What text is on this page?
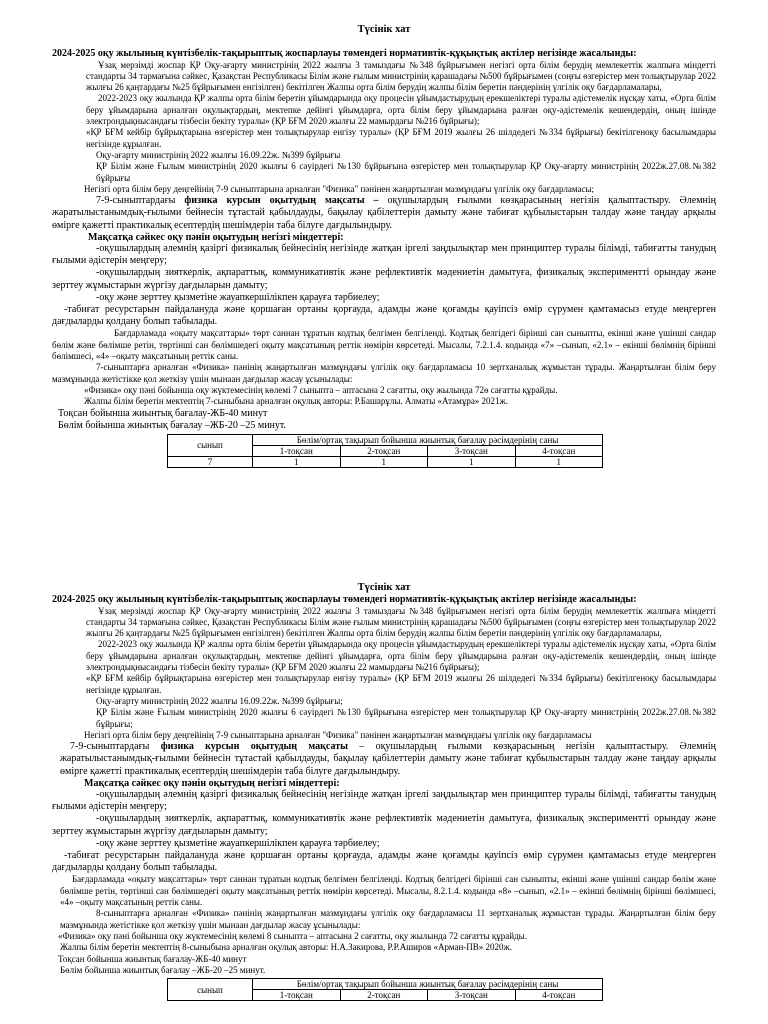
Түсінік хат
2024-2025 оқу жылының күнтізбелік-тақырыптық жоспарлауы төмендегі нормативтік-құқықтық актілер негізінде жасалынды:
Ұзақ мерзімді жоспар ҚР Оқу-ағарту министрінің 2022 жылғы 3 тамыздағы №348 бұйрығымен негізгі орта білім берудің мемлекеттік жалпыға міндетті стандарты 34 тармағына сәйкес, Қазақстан Республикасы Білім және ғылым министрінің қарашадағы №500 бұйрығымен (соңғы өзгерістер мен толықтырулар 2022 жылғы 26 қаңтардағы №25 бұйрығымен енгізілген) бекітілген Жалпы орта білім берудің жалпы білім беретін пәндерінің үлгілік оқу бағдарламалары,
2022-2023 оқу жылында ҚР жалпы орта білім беретін ұйымдарында оқу процесін ұйымдастырудың ерекшеліктері туралы әдістемелік нұсқау хаты, «Орта білім беру ұйымдарына арналған оқулықтардың, мектепке дейінгі ұйымдарға, орта білім беру ұйымдарына ралған оқу-әдістемелік кешендердің, оның ішінде электрондықнысандағы тізбесін бекіту туралы» (ҚР БҒМ 2020 жылғы 22 мамырдағы №216 бұйрығы);
«ҚР БҒМ кейбір бұйрықтарына өзгерістер мен толықтырулар енгізу туралы» (ҚР БҒМ 2019 жылғы 26 шілдедегі №334 бұйрығы) бекітілгеноқу басылымдары негізінде құрылған.
Оқу-ағарту министрінің 2022 жылғы 16.09.22ж. №399 бұйрығы
ҚР Білім және Ғылым министрінің 2020 жылғы 6 сәуірдегі №130 бұйрығына өзгерістер мен толықтырулар ҚР Оқу-ағарту министрінің 2022ж.27.08.№382 бұйрығы
Негізгі орта білім беру деңгейінің 7-9 сыныптарына арналған "Физика" пәнінен жаңартылған мазмұндағы үлгілік оқу бағдарламасы;
7-9-сыныптардағы физика курсын оқытудың мақсаты – оқушылардың ғылыми көзқарасының негізін қалыптастыру. Әлемнің жаратылыстанымдық-ғылыми бейнесін тұтастай қабылдауды, бақылау қабілеттерін дамыту және табиғат құбылыстарын талдау және таңдау арқылы өмірге қажетті практикалық есептердің шешімдерін таба білуге дағдылындыру.
Мақсатқа сәйкес оқу пәнін оқытудың негізгі міндеттері:
-оқушылардың әлемнің қазіргі физикалық бейнесінің негізінде жатқан іргелі заңдылықтар мен принциптер туралы білімді, табиғатты танудың ғылыми әдістерін меңгеру;
-оқушылардың зияткерлік, ақпараттық, коммуникативтік және рефлективтік мәдениетін дамытуға, физикалық эксперименттi орындау және зерттеу жұмыстарын жүргізу дағдыларын дамыту;
-оқу және зерттеу қызметіне жауапкершілікпен қарауға тәрбиелеу;
-табиғат ресурстарын пайдалануда және қоршаған ортаны қорғауда, адамды және қоғамды қауіпсіз өмір сүрумен қамтамасыз етуде меңгерген дағдыларды қолдану болып табылады.
Бағдарламада «оқыту мақсаттары» төрт саннан тұратын кодтық белгімен белгіленді. Кодтық белгідегі бірінші сан сыныпты, екінші және үшінші сандар бөлім және бөлімше ретін, төртінші сан бөлімшедегі оқыту мақсатының реттік нөмірін көрсетеді. Мысалы, 7.2.1.4. кодында «7» –сынып, «2.1» – екінші бөлімнің бірінші бөлімшесі, «4» –оқыту мақсатының реттік саны.
7-сыныптарға арналған «Физика» пәнінің жаңартылған мазмұндағы үлгілік оқу бағдарламасы 10 зертханалық жұмыстан тұрады. Жаңартылған білім беру мазмұнында жетістікке қол жеткізу үшін мынаан дағдылар жасау ұсынылады:
«Физика» оқу пәні бойынша оқу жүктемесінің көлемі 7 сыныпта – аптасына 2 сағатты, оқу жылында 72ө сағатты құрайды.
Жалпы білім беретін мектептің 7-сыныбына арналған оқулық авторы: Р.Башарұлы. Алматы «Атамұра» 2021ж.
Тоқсан бойынша жиынтық бағалау-ЖБ-40 минут
Бөлім бойынша жиынтық бағалау –ЖБ-20 –25 минут.
сынып	Бөлім/ортақ тақырып бойынша жиынтық бағалау рәсімдерінің саны			
	1-тоқсан	2-тоқсан	3-тоқсан	4-тоқсан
7	1	1	1	1
Түсінік хат
2024-2025 оқу жылының күнтізбелік-тақырыптық жоспарлауы төмендегі нормативтік-құқықтық актілер негізінде жасалынды:
Ұзақ мерзімді жоспар ҚР Оқу-ағарту министрінің 2022 жылғы 3 тамыздағы №348 бұйрығымен негізгі орта білім берудің мемлекеттік жалпыға міндетті стандарты 34 тармағына сәйкес, Қазақстан Республикасы Білім және ғылым министрінің қарашадағы №500 бұйрығымен (соңғы өзгерістер мен толықтырулар 2022 жылғы 26 қаңтардағы №25 бұйрығымен енгізілген) бекітілген Жалпы орта білім берудің жалпы білім беретін пәндерінің үлгілік оқу бағдарламалары,
2022-2023 оқу жылында ҚР жалпы орта білім беретін ұйымдарында оқу процесін ұйымдастырудың ерекшеліктері туралы әдістемелік нұсқау хаты, «Орта білім беру ұйымдарына арналған оқулықтардың, мектепке дейінгі ұйымдарға, орта білім беру ұйымдарына ралған оқу-әдістемелік кешендердің, оның ішінде электрондықнысандағы тізбесін бекіту туралы» (ҚР БҒМ 2020 жылғы 22 мамырдағы №216 бұйрығы);
«ҚР БҒМ кейбір бұйрықтарына өзгерістер мен толықтырулар енгізу туралы» (ҚР БҒМ 2019 жылғы 26 шілдедегі №334 бұйрығы) бекітілгеноқу басылымдары негізінде құрылған.
Оқу-ағарту министрінің 2022 жылғы 16.09.22ж. №399 бұйрығы;
ҚР Білім және Ғылым министрінің 2020 жылғы 6 сәуірдегі №130 бұйрығына өзгерістер мен толықтырулар ҚР Оқу-ағарту министрінің 2022ж.27.08.№382 бұйрығы;
Негізгі орта білім беру деңгейінің 7-9 сыныптарына арналған "Физика" пәнінен жаңартылған мазмұндағы үлгілік оқу бағдарламасы
7-9-сыныптардағы физика курсын оқытудың мақсаты – оқушылардың ғылыми көзқарасының негізін қалыптастыру. Әлемнің жаратылыстанымдық-ғылыми бейнесін тұтастай қабылдауды, бақылау қабілеттерін дамыту және табиғат құбылыстарын талдау және таңдау арқылы өмірге қажетті практикалық есептердің шешімдерін таба білуге дағдылындыру.
Мақсатқа сәйкес оқу пәнін оқытудың негізгі міндеттері:
-оқушылардың әлемнің қазіргі физикалық бейнесінің негізінде жатқан іргелі заңдылықтар мен принциптер туралы білімді, табиғатты танудың ғылыми әдістерін меңгеру;
-оқушылардың зияткерлік, ақпараттық, коммуникативтік және рефлективтік мәдениетін дамытуға, физикалық эксперименттi орындау және зерттеу жұмыстарын жүргізу дағдыларын дамыту;
-оқу және зерттеу қызметіне жауапкершілікпен қарауға тәрбиелеу;
-табиғат ресурстарын пайдалануда және қоршаған ортаны қорғауда, адамды және қоғамды қауіпсіз өмір сүрумен қамтамасыз етуде меңгерген дағдыларды қолдану болып табылады.
Бағдарламада «оқыту мақсаттары» төрт саннан тұратын кодтық белгімен белгіленді. Кодтық белгідегі бірінші сан сыныпты, екінші және үшінші сандар бөлім және бөлімше ретін, төртінші сан бөлімшедегі оқыту мақсатының реттік нөмірін көрсетеді. Мысалы, 8.2.1.4. кодында «8» –сынып, «2.1» – екінші бөлімнің бірінші бөлімшесі, «4» –оқыту мақсатының реттік саны.
8-сыныптарға арналған «Физика» пәнінің жаңартылған мазмұндағы үлгілік оқу бағдарламасы 11 зертханалық жұмыстан тұрады. Жаңартылған білім беру мазмұнында жетістікке қол жеткізу үшін мынаан дағдылар жасау ұсынылады:
«Физика» оқу пәні бойынша оқу жүктемесінің көлемі 8 сыныпта – аптасына 2 сағатты, оқу жылында 72 сағатты құрайды.
Жалпы білім беретін мектептің 8-сыныбына арналған оқулық авторы: Н.А.Закирова, Р.Р.Аширов «Арман-ПВ» 2020ж.
Тоқсан бойынша жиынтық бағалау-ЖБ-40 минут
Бөлім бойынша жиынтық бағалау –ЖБ-20 –25 минут.
сынып	Бөлім/ортақ тақырып бойынша жиынтық бағалау рәсімдерінің саны			
	1-тоқсан	2-тоқсан	3-тоқсан	4-тоқсан
